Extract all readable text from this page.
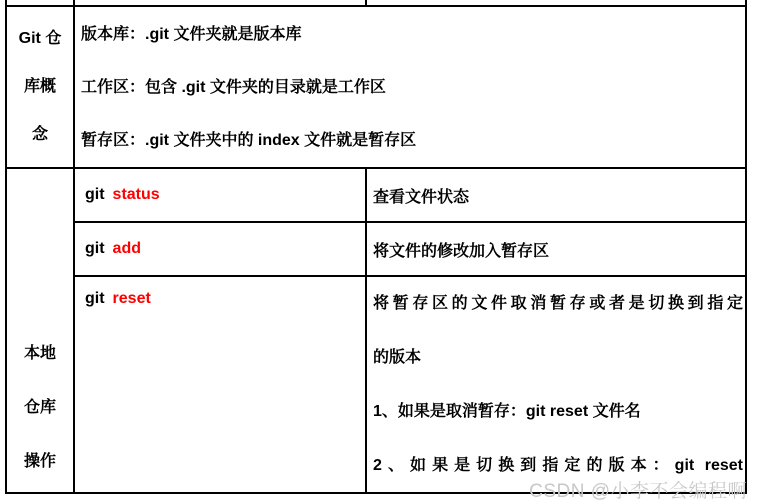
Git 仓
库概
念
版本库：.git 文件夹就是版本库
工作区：包含 .git 文件夹的目录就是工作区
暂存区：.git 文件夹中的 index 文件就是暂存区
本地
仓库
操作
git status	查看文件状态
git add	将文件的修改加入暂存区
git reset	将暂存区的文件取消暂存或者是切换到指定
的版本
1、如果是取消暂存：git reset 文件名
2、如果是切换到指定的版本：git reset
CSDN @小李不会编程啊
